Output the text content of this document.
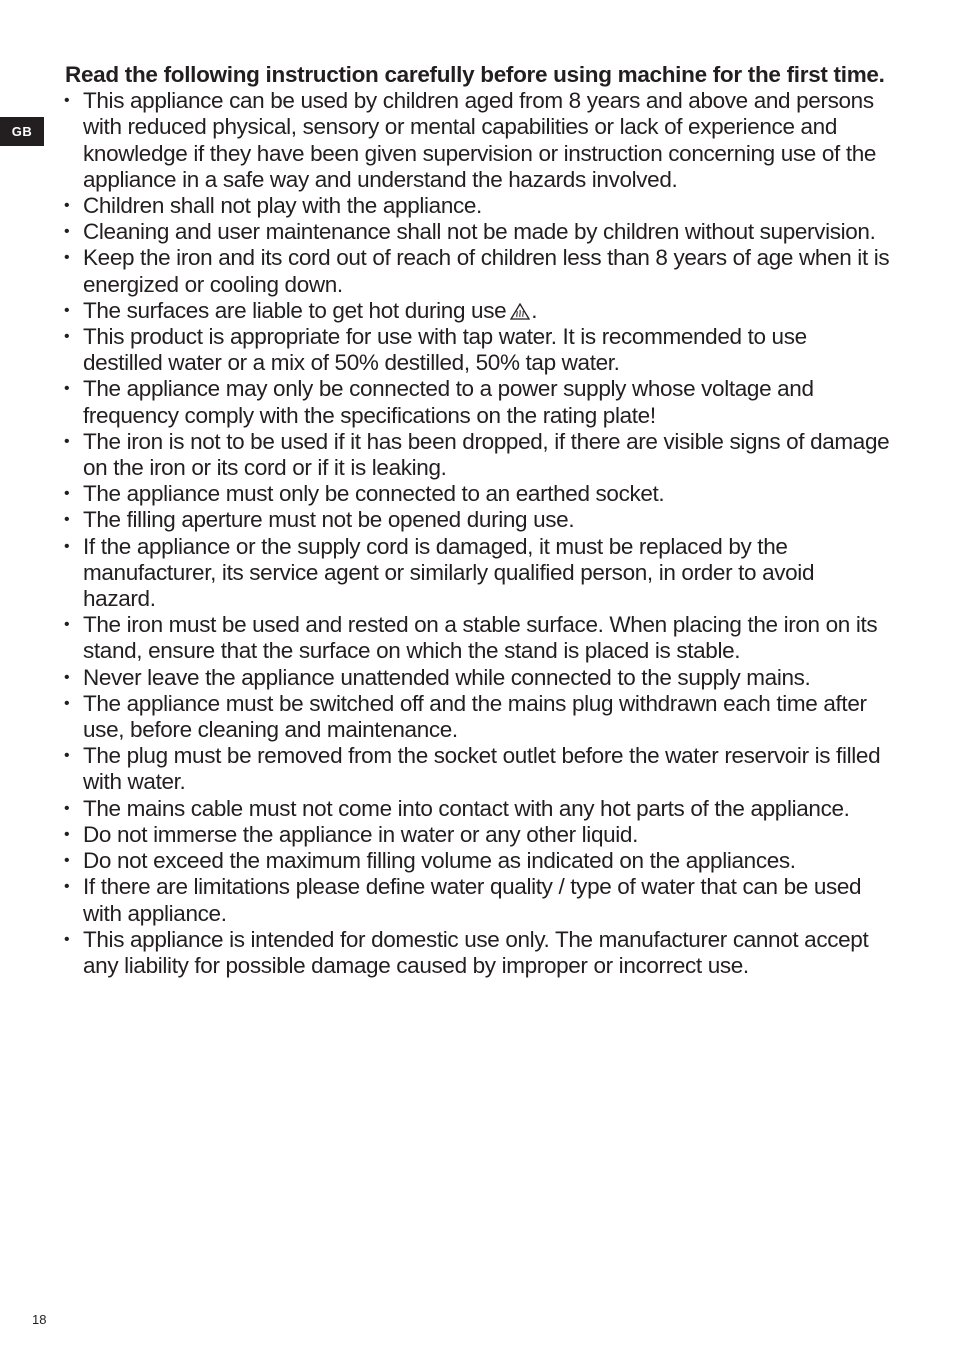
GB
Read the following instruction carefully before using machine for the first time.
• This appliance can be used by children aged from 8 years and above and persons with reduced physical, sensory or mental capabilities or lack of experience and knowledge if they have been given supervision or instruction concerning use of the appliance in a safe way and understand the hazards involved.
• Children shall not play with the appliance.
• Cleaning and user maintenance shall not be made by children without supervision.
• Keep the iron and its cord out of reach of children less than 8 years of age when it is energized or cooling down.
• The surfaces are liable to get hot during use .
• This product is appropriate for use with tap water. It is recommended to use destilled water or a mix of 50% destilled, 50% tap water.
• The appliance may only be connected to a power supply whose voltage and frequency comply with the specifications on the rating plate!
• The iron is not to be used if it has been dropped, if there are visible signs of damage on the iron or its cord or if it is leaking.
• The appliance must only be connected to an earthed socket.
• The filling aperture must not be opened during use.
• If the appliance or the supply cord is damaged, it must be replaced by the manufacturer, its service agent or similarly qualified person, in order to avoid hazard.
• The iron must be used and rested on a stable surface. When placing the iron on its stand, ensure that the surface on which the stand is placed is stable.
• Never leave the appliance unattended while connected to the supply mains.
• The appliance must be switched off and the mains plug withdrawn each time after use, before cleaning and maintenance.
• The plug must be removed from the socket outlet before the water reservoir is filled with water.
• The mains cable must not come into contact with any hot parts of the appliance.
• Do not immerse the appliance in water or any other liquid.
• Do not exceed the maximum filling volume as indicated on the appliances.
• If there are limitations please define water quality / type of water that can be used with appliance.
• This appliance is intended for domestic use only. The manufacturer cannot accept any liability for possible damage caused by improper or incorrect use.
18
